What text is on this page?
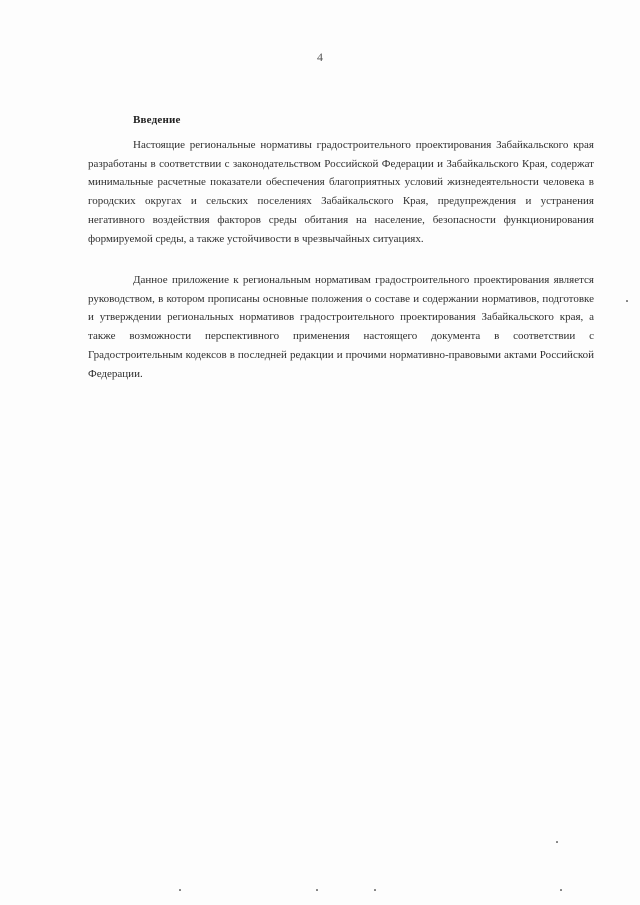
4
Введение

Настоящие региональные нормативы градостроительного проектирования Забайкальского края разработаны в соответствии с законодательством Российской Федерации и Забайкальского Края, содержат минимальные расчетные показатели обеспечения благоприятных условий жизнедеятельности человека в городских округах и сельских поселениях Забайкальского Края, предупреждения и устранения негативного воздействия факторов среды обитания на население, безопасности функционирования формируемой среды, а также устойчивости в чрезвычайных ситуациях.

Данное приложение к региональным нормативам градостроительного проектирования является руководством, в котором прописаны основные положения о составе и содержании нормативов, подготовке и утверждении региональных нормативов градостроительного проектирования Забайкальского края, а также возможности перспективного применения настоящего документа в соответствии с Градостроительным кодексов в последней редакции и прочими нормативно-правовыми актами Российской Федерации.
